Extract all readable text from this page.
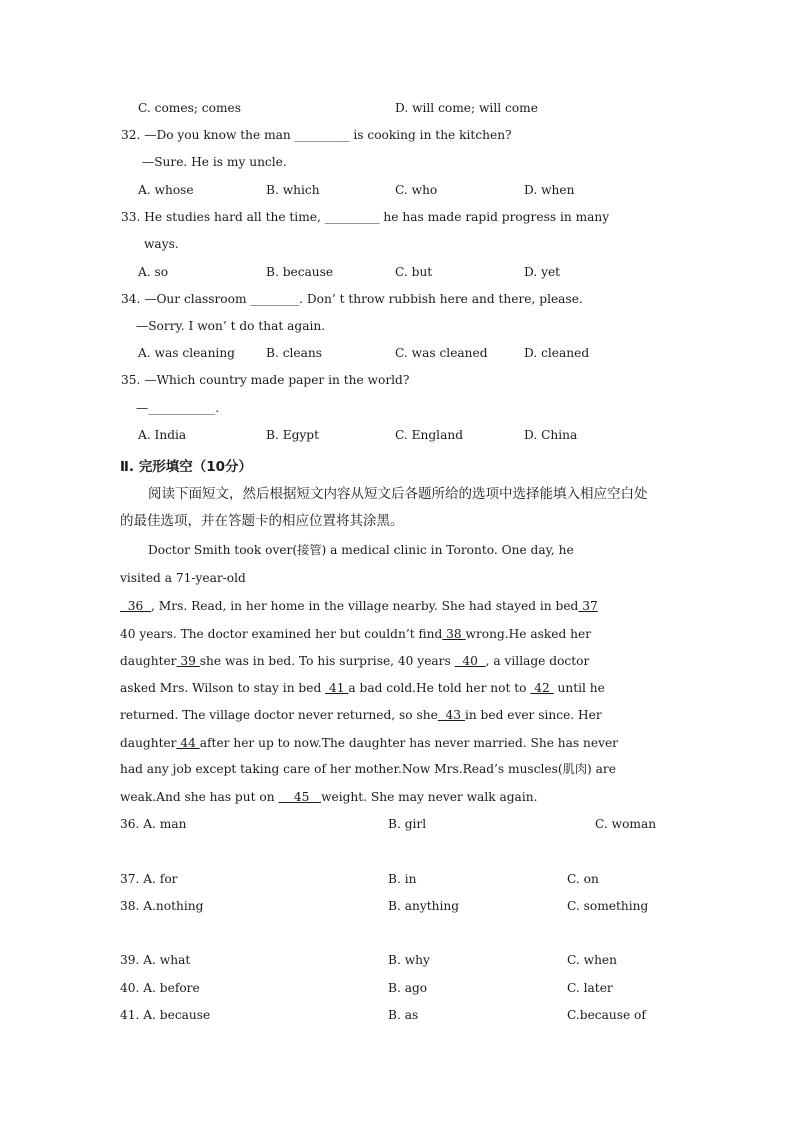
C. comes; comes	D. will come; will come
32. —Do you know the man _________ is cooking in the kitchen?
—Sure. He is my uncle.
A. whose	B. which	C. who	D. when
33. He studies hard all the time, _________ he has made rapid progress in many
ways.
A. so	B. because	C. but	D. yet
34. —Our classroom ________. Don’ t throw rubbish here and there, please.
—Sorry. I won’ t do that again.
A. was cleaning	B. cleans	C. was cleaned	D. cleaned
35. —Which country made paper in the world?
—___________.
A. India	B. Egypt	C. England	D. China
Ⅱ. 完形填空（10分）
阅读下面短文，然后根据短文内容从短文后各题所给的选项中选择能填入相应空白处
的最佳选项，并在答题卡的相应位置将其涂黑。
Doctor Smith took over(接管) a medical clinic in Toronto. One day, he
visited a 71-year-old
36  , Mrs. Read, in her home in the village nearby. She had stayed in bed 37
40 years. The doctor examined her but couldn’t find 38 wrong.He asked her
daughter 39 she was in bed. To his surprise, 40 years   40  , a village doctor
asked Mrs. Wilson to stay in bed  41 a bad cold.He told her not to  42  until he
returned. The village doctor never returned, so she  43 in bed ever since. Her
daughter 44 after her up to now.The daughter has never married. She has never
had any job except taking care of her mother.Now Mrs.Read’s muscles(肌肉) are
weak.And she has put on     45   weight. She may never walk again.
36. A. man	B. girl	C. woman
37. A. for	B. in	C. on
38. A.nothing	B. anything	C. something
39. A. what	B. why	C. when
40. A. before	B. ago	C. later
41. A. because	B. as	C.because of
